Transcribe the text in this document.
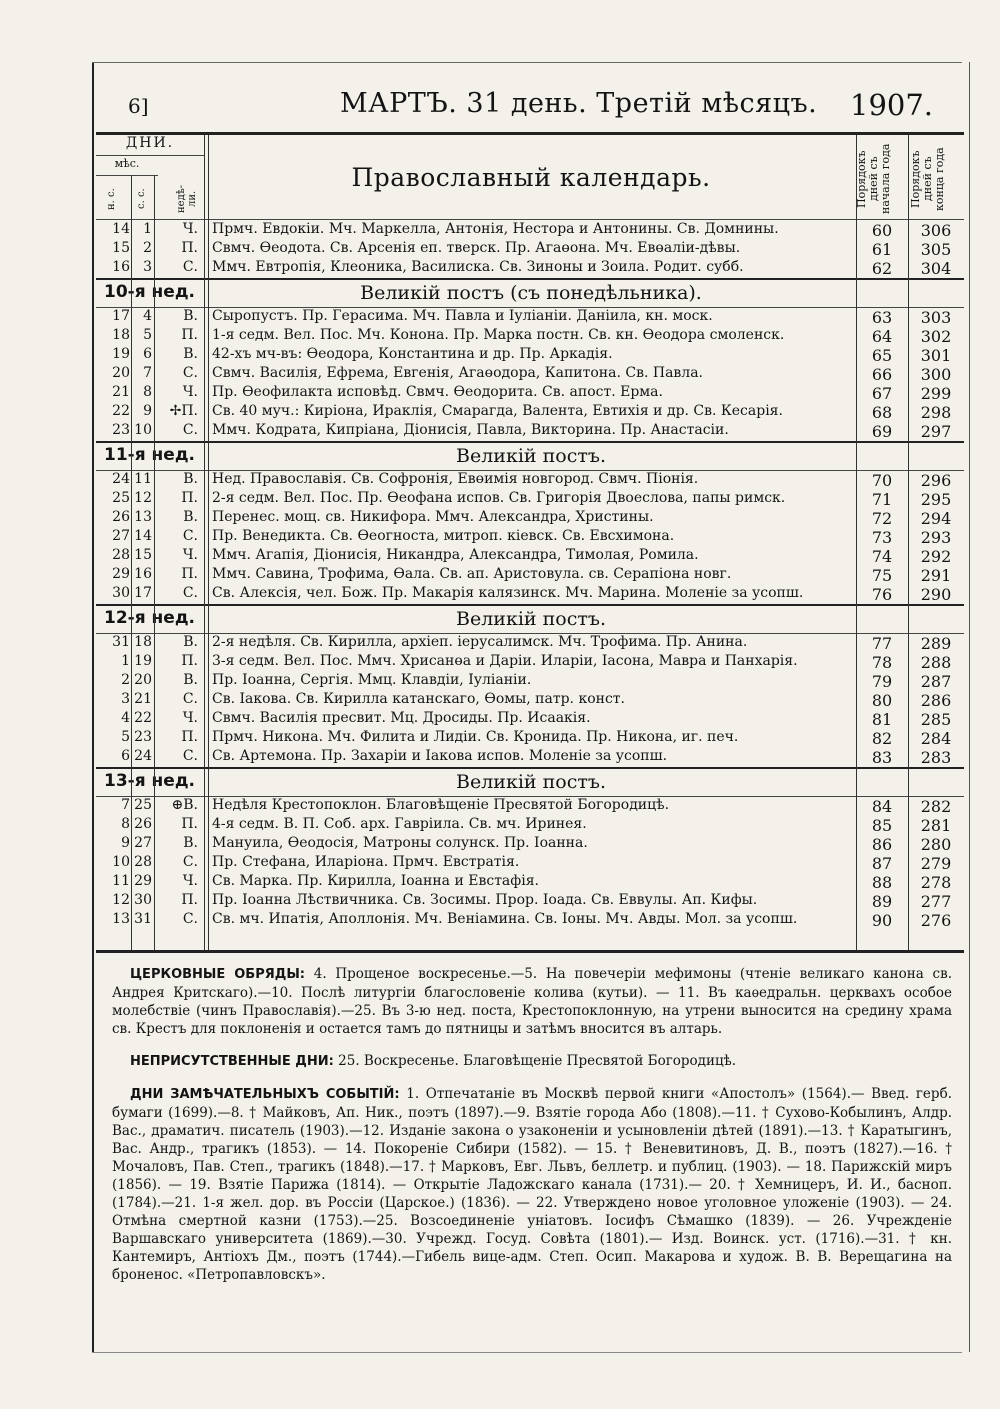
6]	МАРТЪ. 31 день. Третій мѣсяцъ. 1907.
ДНИ.
мѣс.
н. с. с. с.	недѣ-ли.
Православный календарь.	Порядокъ дней съ начала года	Порядокъ дней съ конца года
14 1	Ч. Прмч. Евдокіи. Мч. Маркелла, Антонія, Нестора и Антонины. Св. Домнины.	60	306
15 2	П. Свмч. Өеодота. Св. Арсенія еп. тверск. Пр. Агаөона. Мч. Евөаліи-дѣвы.	61	305
16 3	С. Ммч. Евтропія, Клеоника, Василиска. Св. Зиноны и Зоила. Родит. субб.	62	304
10-я нед.	Великій постъ (съ понедѣльника).
17 4	В. Сыропустъ. Пр. Герасима. Мч. Павла и Іуліаніи. Даніила, кн. моск.	63	303
18 5	П. 1-я седм. Вел. Пос. Мч. Конона. Пр. Марка постн. Св. кн. Өеодора смоленск.	64	302
19 6	В. 42-хъ мч-въ: Өеодора, Константина и др. Пр. Аркадія.	65	301
20 7	С. Свмч. Василія, Ефрема, Евгенія, Агаөодора, Капитона. Св. Павла.	66	300
21 8	Ч. Пр. Өеофилакта исповѣд. Свмч. Өеодорита. Св. апост. Ерма.	67	299
22 9	✢П. Св. 40 муч.: Киріона, Ираклія, Смарагда, Валента, Евтихія и др. Св. Кесарія.	68	298
23 10	С. Ммч. Кодрата, Кипріана, Діонисія, Павла, Викторина. Пр. Анастасіи.	69	297
11-я нед.	Великій постъ.
24 11	В. Нед. Православія. Св. Софронія, Евөимія новгород. Свмч. Піонія.	70	296
25 12	П. 2-я седм. Вел. Пос. Пр. Өеофана испов. Св. Григорія Двоеслова, папы римск.	71	295
26 13	В. Перенес. мощ. св. Никифора. Ммч. Александра, Христины.	72	294
27 14	С. Пр. Венедикта. Св. Өеогноста, митроп. кіевск. Св. Евсхимона.	73	293
28 15	Ч. Ммч. Агапія, Діонисія, Никандра, Александра, Тимолая, Ромила.	74	292
29 16	П. Ммч. Савина, Трофима, Өала. Св. ап. Аристовула. св. Серапіона новг.	75	291
30 17	С. Св. Алексія, чел. Бож. Пр. Макарія калязинск. Мч. Марина. Моленіе за усопш.	76	290
12-я нед.	Великій постъ.
31 18	В. 2-я недѣля. Св. Кирилла, архіеп. іерусалимск. Мч. Трофима. Пр. Анина.	77	289
1 19	П. 3-я седм. Вел. Пос. Ммч. Хрисанөа и Даріи. Иларіи, Іасона, Мавра и Панхарія.	78	288
2 20	В. Пр. Іоанна, Сергія. Ммц. Клавдіи, Іуліаніи.	79	287
3 21	С. Св. Іакова. Св. Кирилла катанскаго, Өомы, патр. конст.	80	286
4 22	Ч. Свмч. Василія пресвит. Мц. Дросиды. Пр. Исаакія.	81	285
5 23	П. Прмч. Никона. Мч. Филита и Лидіи. Св. Кронида. Пр. Никона, иг. печ.	82	284
6 24	С. Св. Артемона. Пр. Захаріи и Іакова испов. Моленіе за усопш.	83	283
13-я нед.	Великій постъ.
7 25	⊕В. Недѣля Крестопоклон. Благовѣщеніе Пресвятой Богородицѣ.	84	282
8 26	П. 4-я седм. В. П. Соб. арх. Гавріила. Св. мч. Иринея.	85	281
9 27	В. Мануила, Өеодосія, Матроны солунск. Пр. Іоанна.	86	280
10 28	С. Пр. Стефана, Иларіона. Прмч. Евстратія.	87	279
11 29	Ч. Св. Марка. Пр. Кирилла, Іоанна и Евстафія.	88	278
12 30	П. Пр. Іоанна Лѣствичника. Св. Зосимы. Прор. Іоада. Св. Еввулы. Ап. Кифы.	89	277
13 31	С. Св. мч. Ипатія, Аполлонія. Мч. Веніамина. Св. Іоны. Мч. Авды. Мол. за усопш.	90	276

ЦЕРКОВНЫЕ ОБРЯДЫ: 4. Прощеное воскресенье.—5. На повечеріи мефимоны (чтеніе великаго канона св. Андрея Критскаго).—10. Послѣ литургіи благословеніе колива (кутьи). — 11. Въ каѳедральн. церквахъ особое молебствіе (чинъ Православія).—25. Въ 3-ю нед. поста, Крестопоклонную, на утрени выносится на средину храма св. Крестъ для поклоненія и остается тамъ до пятницы и затѣмъ вносится въ алтарь.

НЕПРИСУТСТВЕННЫЕ ДНИ: 25. Воскресенье. Благовѣщеніе Пресвятой Богородицѣ.

ДНИ ЗАМѢЧАТЕЛЬНЫХЪ СОБЫТІЙ: 1. Отпечатаніе въ Москвѣ первой книги «Апостолъ» (1564).— Введ. герб. бумаги (1699).—8. † Майковъ, Ап. Ник., поэтъ (1897).—9. Взятіе города Або (1808).—11. † Сухово-Кобылинъ, Алдр. Вас., драматич. писатель (1903).—12. Изданіе закона о узаконеніи и усыновленіи дѣтей (1891).—13. † Каратыгинъ, Вас. Андр., трагикъ (1853). — 14. Покореніе Сибири (1582). — 15. † Веневитиновъ, Д. В., поэтъ (1827).—16. † Мочаловъ, Пав. Степ., трагикъ (1848).—17. † Марковъ, Евг. Львъ, беллетр. и публиц. (1903). — 18. Парижскій миръ (1856). — 19. Взятіе Парижа (1814). — Открытіе Ладожскаго канала (1731).— 20. † Хемницеръ, И. И., басноп. (1784).—21. 1-я жел. дор. въ Россіи (Царское.) (1836). — 22. Утверждено новое уголовное уложеніе (1903). — 24. Отмѣна смертной казни (1753).—25. Возсоединеніе уніатовъ. Іосифъ Сѣмашко (1839). — 26. Учрежденіе Варшавскаго университета (1869).—30. Учрежд. Госуд. Совѣта (1801).— Изд. Воинск. уст. (1716).—31. † кн. Кантемиръ, Антіохъ Дм., поэтъ (1744).—Гибель вице-адм. Степ. Осип. Макарова и худож. В. В. Верещагина на броненос. «Петропавловскъ».
